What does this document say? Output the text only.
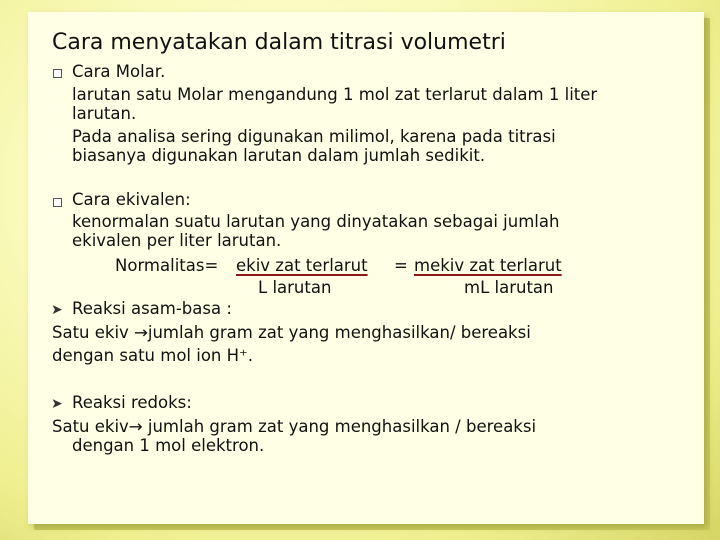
Cara menyatakan dalam titrasi volumetri
Cara Molar.
larutan satu Molar mengandung 1 mol zat terlarut dalam 1 liter
larutan.
Pada analisa sering digunakan milimol, karena pada titrasi
biasanya digunakan larutan dalam jumlah sedikit.
Cara ekivalen:
kenormalan suatu larutan yang dinyatakan sebagai jumlah
ekivalen per liter larutan.
Normalitas= ekiv zat terlarut = mekiv zat terlarut
L larutan	mL larutan
➤ Reaksi asam-basa :
Satu ekiv →jumlah gram zat yang menghasilkan/ bereaksi
dengan satu mol ion H⁺.
➤ Reaksi redoks:
Satu ekiv→ jumlah gram zat yang menghasilkan / bereaksi
dengan 1 mol elektron.
